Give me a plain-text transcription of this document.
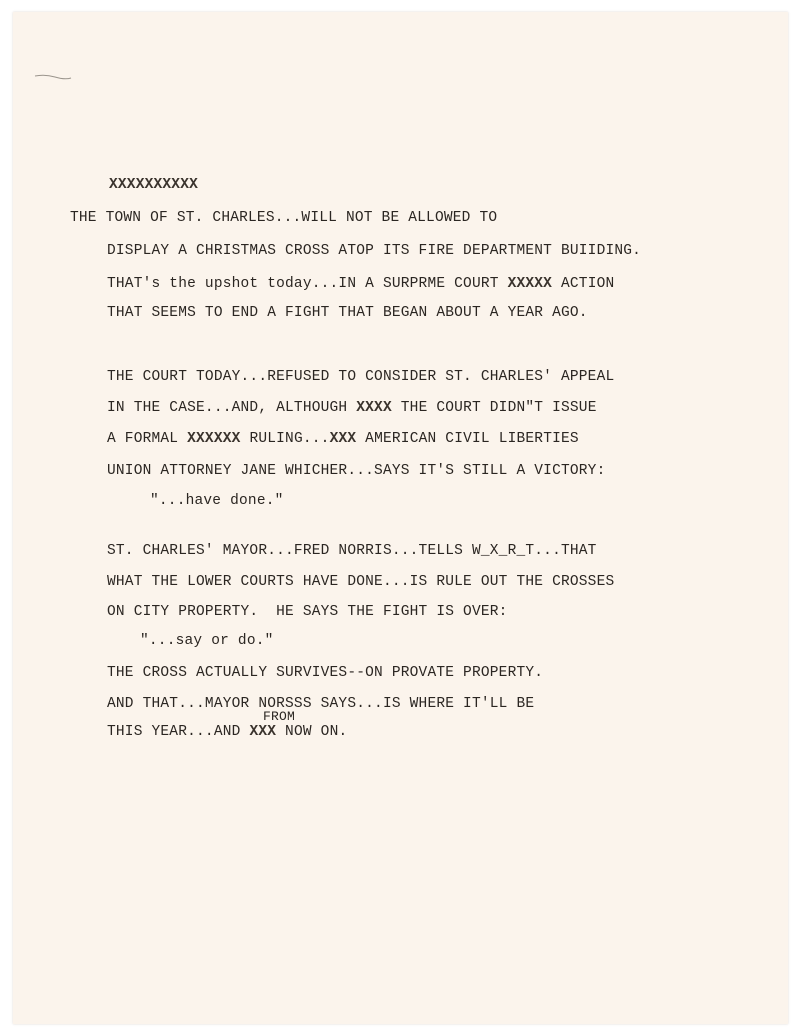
XXXXXXXXXX
THE TOWN OF ST. CHARLES...WILL NOT BE ALLOWED TO
DISPLAY A CHRISTMAS CROSS ATOP ITS FIRE DEPARTMENT BUIIDING.
THAT's the upshot today...IN A SURPRME COURT XXXXX ACTION
THAT SEEMS TO END A FIGHT THAT BEGAN ABOUT A YEAR AGO.
THE COURT TODAY...REFUSED TO CONSIDER ST. CHARLES' APPEAL
IN THE CASE...AND, ALTHOUGH XXXX THE COURT DIDN"T ISSUE
A FORMAL XXXXXX RULING...XXX AMERICAN CIVIL LIBERTIES
UNION ATTORNEY JANE WHICHER...SAYS IT'S STILL A VICTORY:
"...have done."
ST. CHARLES' MAYOR...FRED NORRIS...TELLS W_X_R_T...THAT
WHAT THE LOWER COURTS HAVE DONE...IS RULE OUT THE CROSSES
ON CITY PROPERTY.  HE SAYS THE FIGHT IS OVER:
"...say or do."
THE CROSS ACTUALLY SURVIVES--ON PROVATE PROPERTY.
AND THAT...MAYOR NORSSS SAYS...IS WHERE IT'LL BE
FROM
THIS YEAR...AND XXX NOW ON.
